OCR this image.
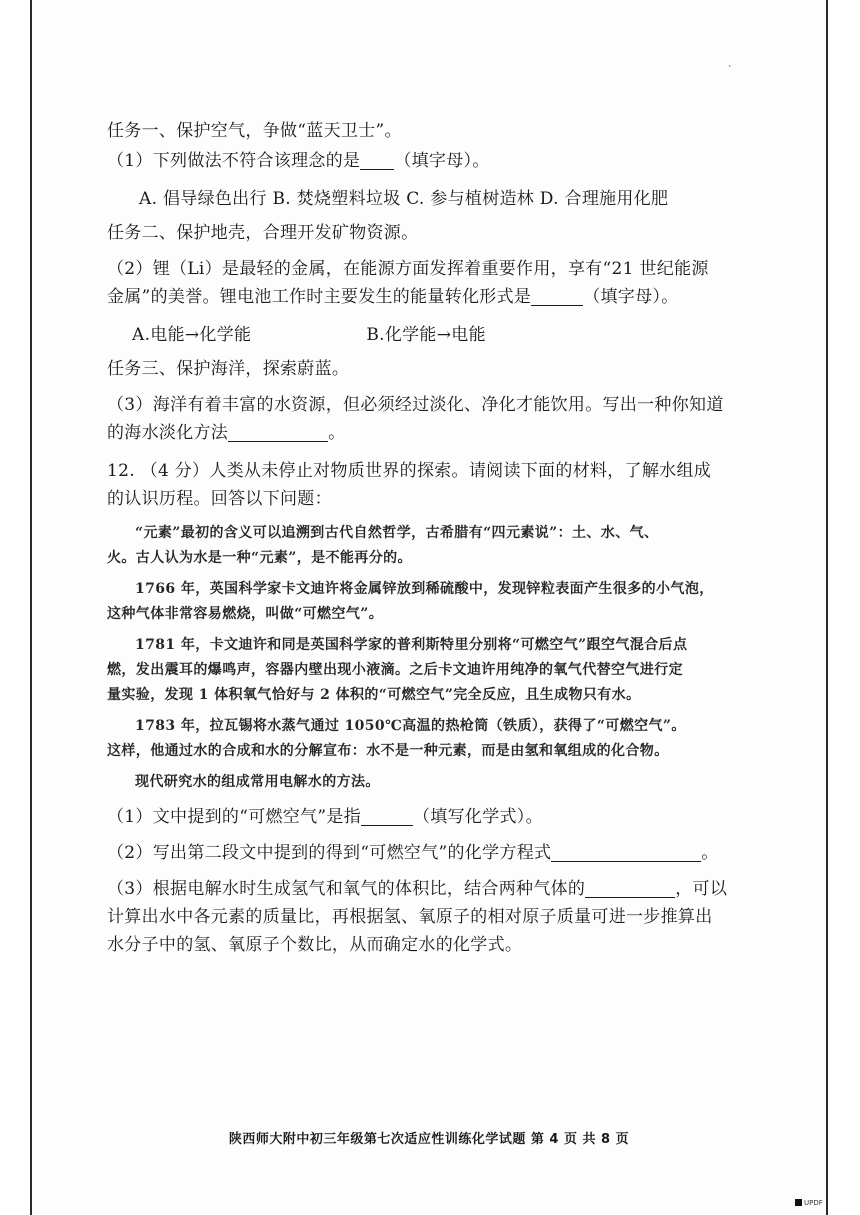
`

任务一、保护空气，争做“蓝天卫士”。

（1）下列做法不符合该理念的是 （填字母）。

A. 倡导绿色出行 B. 焚烧塑料垃圾 C. 参与植树造林 D. 合理施用化肥

任务二、保护地壳，合理开发矿物资源。

（2）锂（Li）是最轻的金属，在能源方面发挥着重要作用，享有“21 世纪能源

金属”的美誉。锂电池工作时主要发生的能量转化形式是	（填字母）。

A.电能→化学能	B.化学能→电能

任务三、保护海洋，探索蔚蓝。

（3）海洋有着丰富的水资源，但必须经过淡化、净化才能饮用。写出一种你知道

的海水淡化方法	。

12. （4 分）人类从未停止对物质世界的探索。请阅读下面的材料，了解水组成

的认识历程。回答以下问题：

“元素”最初的含义可以追溯到古代自然哲学，古希腊有“四元素说”：土、水、气、

火。古人认为水是一种“元素”，是不能再分的。

1766 年，英国科学家卡文迪许将金属锌放到稀硫酸中，发现锌粒表面产生很多的小气泡，

这种气体非常容易燃烧，叫做“可燃空气”。

1781 年，卡文迪许和同是英国科学家的普利斯特里分别将“可燃空气”跟空气混合后点

燃，发出震耳的爆鸣声，容器内壁出现小液滴。之后卡文迪许用纯净的氧气代替空气进行定

量实验，发现 1 体积氧气恰好与 2 体积的“可燃空气”完全反应，且生成物只有水。

1783 年，拉瓦锡将水蒸气通过 1050℃高温的热枪筒（铁质），获得了“可燃空气”。

这样，他通过水的合成和水的分解宣布：水不是一种元素，而是由氢和氧组成的化合物。

现代研究水的组成常用电解水的方法。

（1）文中提到的“可燃空气”是指	（填写化学式）。

（2）写出第二段文中提到的得到“可燃空气”的化学方程式	。

（3）根据电解水时生成氢气和氧气的体积比，结合两种气体的	，可以

计算出水中各元素的质量比，再根据氢、氧原子的相对原子质量可进一步推算出

水分子中的氢、氧原子个数比，从而确定水的化学式。

陕西师大附中初三年级第七次适应性训练化学试题 第 4 页 共 8 页
UPDF
